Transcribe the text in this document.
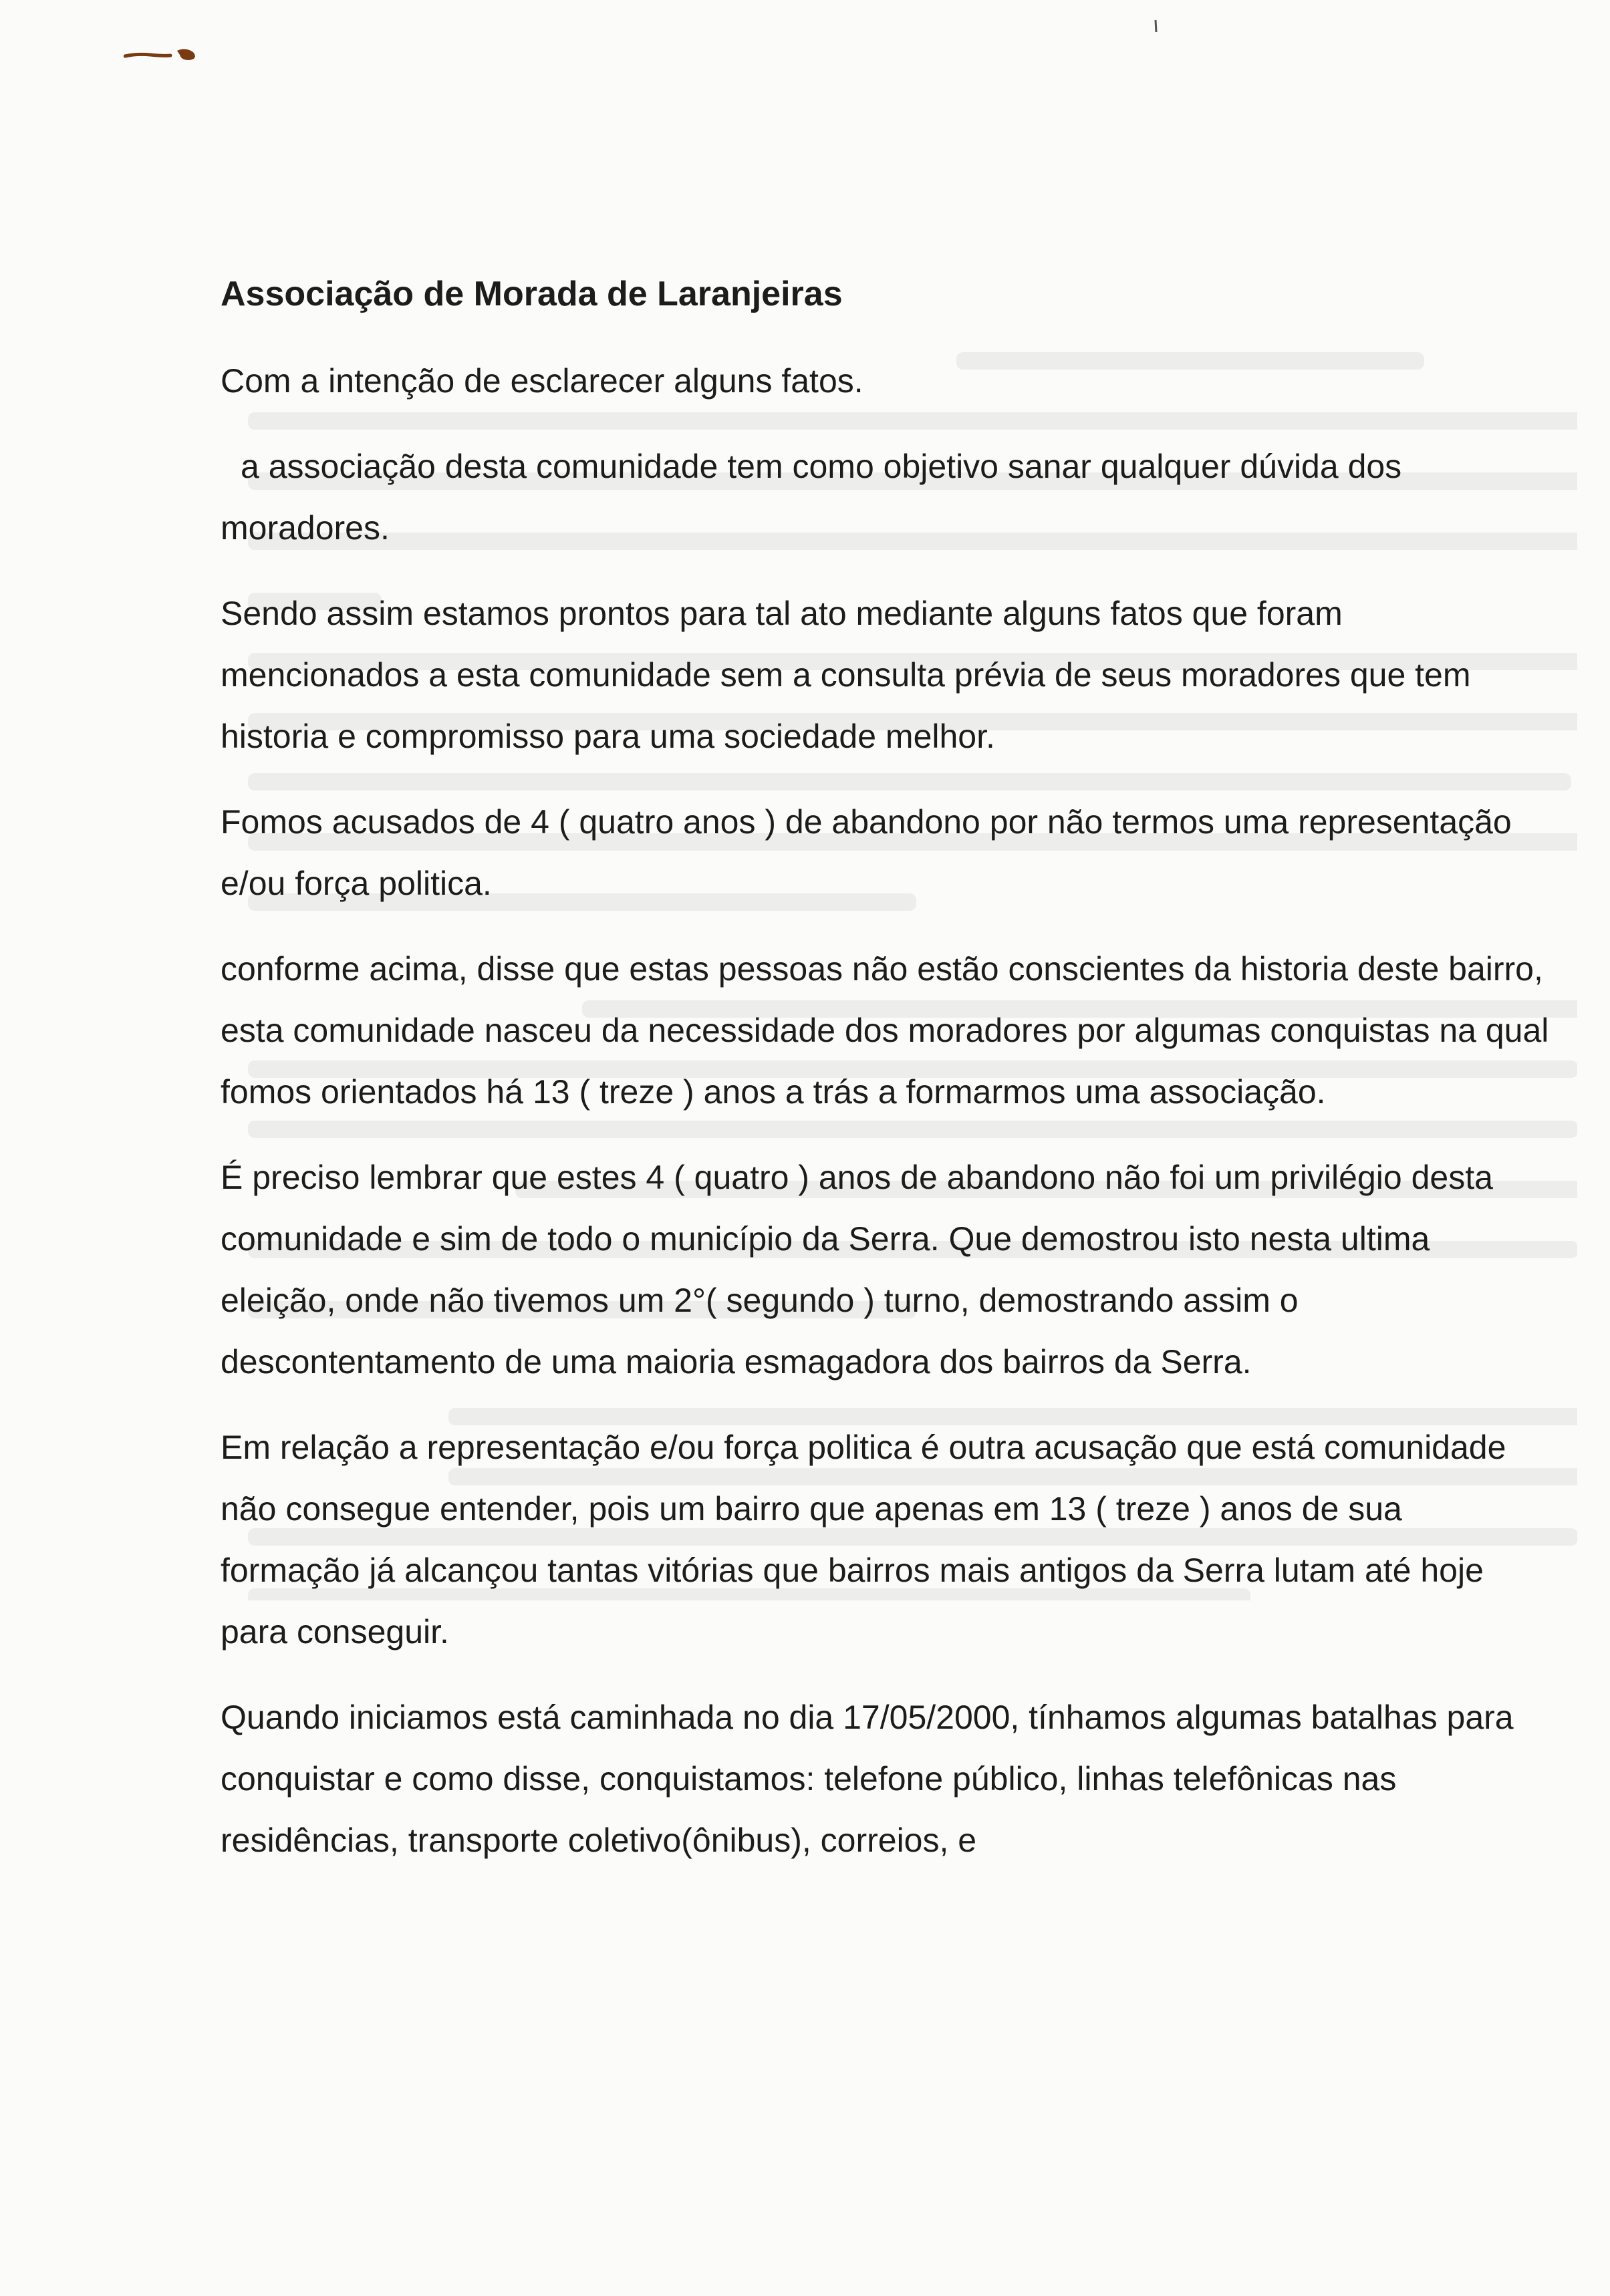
Associação de Morada de Laranjeiras

Com a intenção de esclarecer alguns fatos.

a associação desta comunidade tem como objetivo sanar qualquer dúvida dos moradores.

Sendo assim estamos prontos para tal ato mediante alguns fatos que foram mencionados a esta comunidade sem a consulta prévia de seus moradores que tem historia e compromisso para uma sociedade melhor.

Fomos acusados de 4 ( quatro anos ) de abandono por não termos uma representação e/ou força politica.

conforme acima, disse que estas pessoas não estão conscientes da historia deste bairro, esta comunidade nasceu da necessidade dos moradores por algumas conquistas na qual fomos orientados há 13 ( treze ) anos a trás a formarmos uma associação.

É preciso lembrar que estes 4 ( quatro ) anos de abandono não foi um privilégio desta comunidade e sim de todo o município da Serra. Que demostrou isto nesta ultima eleição, onde não tivemos um 2°( segundo ) turno, demostrando assim o descontentamento de uma maioria esmagadora dos bairros da Serra.

Em relação a representação e/ou força politica é outra acusação que está comunidade não consegue entender, pois um bairro que apenas em 13 ( treze ) anos de sua formação já alcançou tantas vitórias que bairros mais antigos da Serra lutam até hoje para conseguir.

Quando iniciamos está caminhada no dia 17/05/2000, tínhamos algumas batalhas para conquistar e como disse, conquistamos: telefone público, linhas telefônicas nas residências, transporte coletivo(ônibus), correios, e
